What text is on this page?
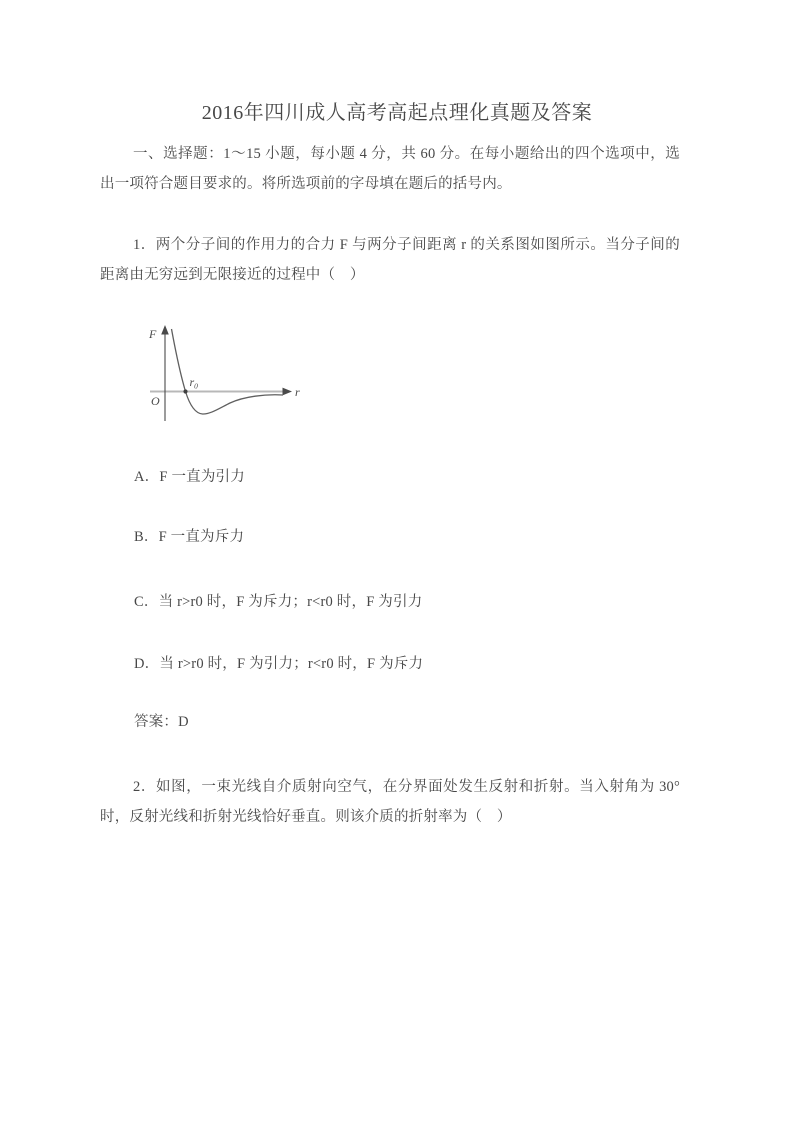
2016年四川成人高考高起点理化真题及答案

一、选择题：1～15 小题，每小题 4 分，共 60 分。在每小题给出的四个选项中，选出一项符合题目要求的。将所选项前的字母填在题后的括号内。

1．两个分子间的作用力的合力 F 与两分子间距离 r 的关系图如图所示。当分子间的距离由无穷远到无限接近的过程中（　）

F
r
O
$r_0$

A．F 一直为引力

B．F 一直为斥力

C．当 r>r0 时，F 为斥力；r<r0 时，F 为引力

D．当 r>r0 时，F 为引力；r<r0 时，F 为斥力

答案：D

2．如图，一束光线自介质射向空气，在分界面处发生反射和折射。当入射角为 30°时，反射光线和折射光线恰好垂直。则该介质的折射率为（　）
